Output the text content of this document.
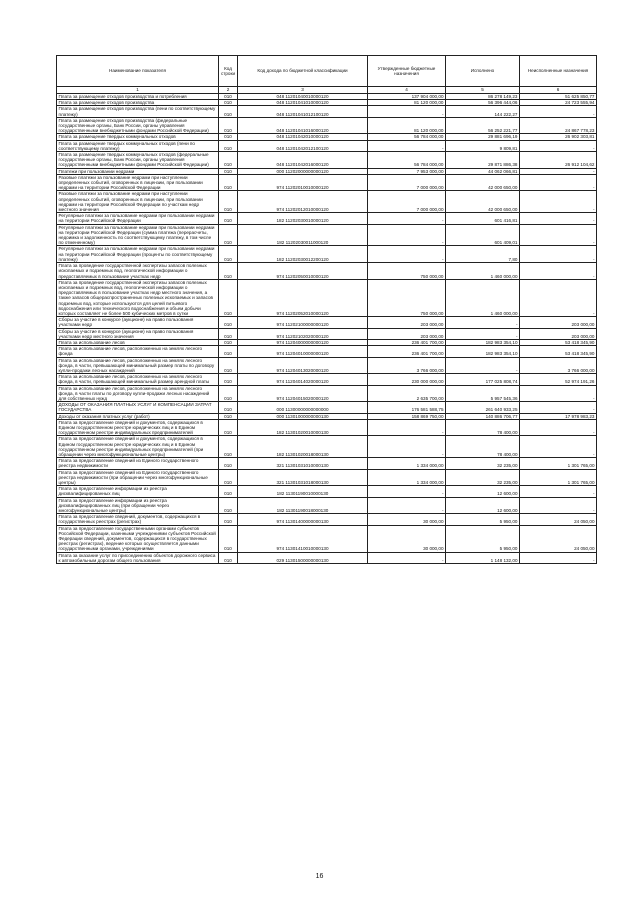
Наименование показателя	Код строки	Код дохода по бюджетной классификации	Утвержденные бюджетные назначения	Исполнено	Неисполненные назначения
1	2	3	4	5	6
Плата за размещение отходов производства и потребления	010	048 11201040010000120	137 904 000,00	86 278 149,23	51 625 850,77
Плата за размещение отходов производства	010	048 11201041010000120	81 120 000,00	56 396 444,06	24 723 555,94
Плата за размещение отходов производства (пени по соответствующему платежу)	010	048 11201041012100120	-	144 222,27	-
Плата за размещение отходов производства (федеральные государственные органы, Банк России, органы управления государственными внебюджетными фондами Российской Федерации)	010	048 11201041016000120	81 120 000,00	56 252 221,77	24 867 778,23
Плата за размещение твердых коммунальных отходов	010	048 11201042010000120	56 784 000,00	29 881 696,19	26 902 303,81
Плата за размещение твердых коммунальных отходов (пени по соответствующему платежу)	010	048 11201042012100120	-	9 809,81	-
Плата за размещение твердых коммунальных отходов (федеральные государственные органы, Банк России, органы управления государственными внебюджетными фондами Российской Федерации)	010	048 11201042016000120	56 784 000,00	29 871 886,38	26 912 104,62
Платежи при пользовании недрами	010	000 11202000000000120	7 953 000,00	44 062 066,81	-
Разовые платежи за пользование недрами при наступлении определенных событий, оговоренных в лицензии, при пользовании недрами на территории Российской Федерации	010	974 11202010010000120	7 000 000,00	42 000 650,00	-
Разовые платежи за пользование недрами при наступлении определенных событий, оговоренных в лицензии, при пользовании недрами на территории Российской Федерации по участкам недр местного значения	010	974 11202012010000120	7 000 000,00	42 000 650,00	-
Регулярные платежи за пользование недрами при пользовании недрами на территории Российской Федерации	010	182 11202030010000120	-	601 416,81	-
Регулярные платежи за пользование недрами при пользовании недрами на территории Российской Федерации (сумма платежа (перерасчеты, недоимка и задолженность по соответствующему платежу, в том числе по отмененному)	010	182 11202030011000120	-	601 409,01	-
Регулярные платежи за пользование недрами при пользовании недрами на территории Российской Федерации (проценты по соответствующему платежу)	010	182 11202030012200120	-	7,80	-
Плата за проведение государственной экспертизы запасов полезных ископаемых и подземных вод, геологической информации о предоставляемых в пользование участках недр	010	974 11202050010000120	750 000,00	1 460 000,00	-
Плата за проведение государственной экспертизы запасов полезных ископаемых и подземных вод, геологической информации о предоставляемых в пользование участках недр местного значения, а также запасов общераспространенных полезных ископаемых и запасов подземных вод, которые используются для целей питьевого водоснабжения или технического водоснабжения и объем добычи которых составляет не более 500 кубических метров в сутки	010	974 11202052010000120	750 000,00	1 460 000,00	-
Сборы за участие в конкурсе (аукционе) на право пользования участками недр	010	974 11202100000000120	203 000,00	-	203 000,00
Сборы за участие в конкурсе (аукционе) на право пользования участками недр местного значения	010	974 11202102020000120	203 000,00	-	203 000,00
Плата за использование лесов	010	974 11204000000000120	236 401 700,00	182 983 354,10	53 418 345,90
Плата за использование лесов, расположенных на землях лесного фонда	010	974 11204010000000120	236 401 700,00	182 983 354,10	53 418 345,90
Плата за использование лесов, расположенных на землях лесного фонда, в части, превышающей минимальный размер платы по договору купли-продажи лесных насаждений	010	974 11204013020000120	3 766 000,00	-	3 766 000,00
Плата за использование лесов, расположенных на землях лесного фонда, в части, превышающей минимальный размер арендной платы	010	974 11204014020000120	230 000 000,00	177 025 808,74	52 974 191,26
Плата за использование лесов, расположенных на землях лесного фонда, в части платы по договору купли-продажи лесных насаждений для собственных нужд	010	974 11204015020000120	2 635 700,00	5 957 545,36	-
ДОХОДЫ ОТ ОКАЗАНИЯ ПЛАТНЫХ УСЛУГ И КОМПЕНСАЦИИ ЗАТРАТ ГОСУДАРСТВА	010	000 11300000000000000	176 581 588,75	261 640 933,25	-
Доходы от оказания платных услуг (работ)	010	000 11301000000000130	158 869 750,00	140 886 706,77	17 978 983,23
Плата за предоставление сведений и документов, содержащихся в Едином государственном реестре юридических лиц и в Едином государственном реестре индивидуальных предпринимателей	010	182 11301020010000130	-	78 400,00	-
Плата за предоставление сведений и документов, содержащихся в Едином государственном реестре юридических лиц и в Едином государственном реестре индивидуальных предпринимателей (при обращении через многофункциональные центры)	010	182 11301020018000130	-	78 400,00	-
Плата за предоставление сведений из Единого государственного реестра недвижимости	010	321 11301031010000130	1 334 000,00	32 235,00	1 301 765,00
Плата за предоставление сведений из Единого государственного реестра недвижимости (при обращении через многофункциональные центры)	010	321 11301031018000130	1 334 000,00	32 235,00	1 301 765,00
Плата за предоставление информации из реестра дисквалифицированных лиц	010	182 11301190010000130	-	12 600,00	-
Плата за предоставление информации из реестра дисквалифицированных лиц (при обращении через многофункциональные центры)	010	182 11301190018000130	-	12 600,00	-
Плата за предоставление сведений, документов, содержащихся в государственных реестрах (регистрах)	010	974 11301400000000130	30 000,00	5 950,00	24 050,00
Плата за предоставление государственными органами субъектов Российской Федерации, казенными учреждениями субъектов Российской Федерации сведений, документов, содержащихся в государственных реестрах (регистрах), ведение которых осуществляется данными государственными органами, учреждениями	010	974 11301410010000130	30 000,00	5 950,00	24 050,00
Плата за оказание услуг по присоединению объектов дорожного сервиса к автомобильным дорогам общего пользования	010	029 11301500000000130	-	1 148 132,00	-
16
